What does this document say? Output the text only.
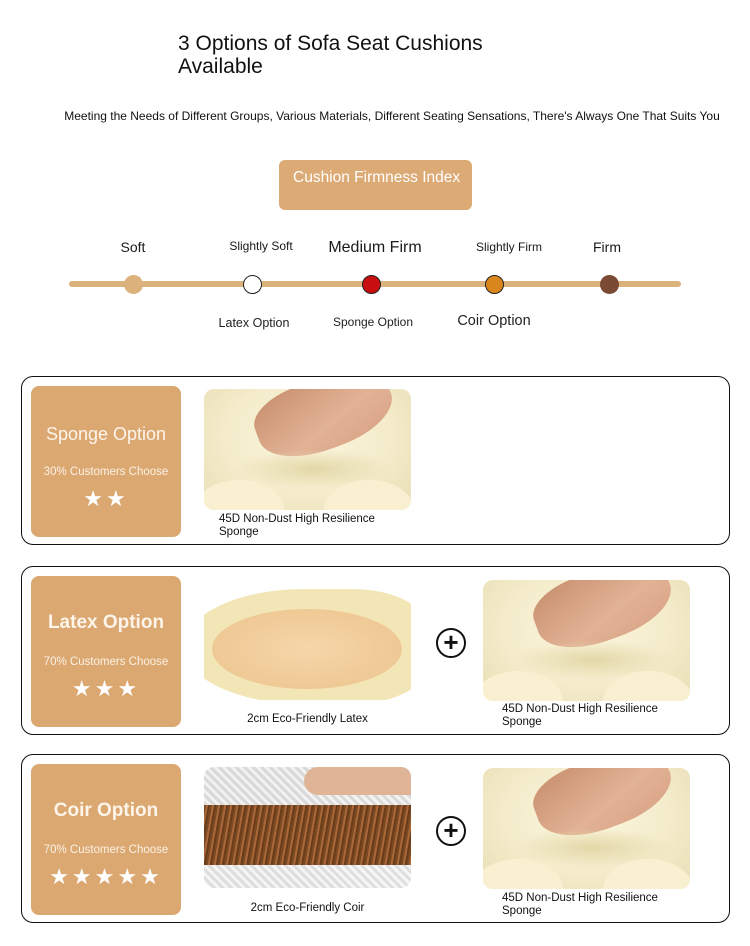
3 Options of Sofa Seat Cushions Available
Meeting the Needs of Different Groups, Various Materials, Different Seating Sensations, There's Always One That Suits You
Cushion Firmness Index
Soft	Slightly Soft	Medium Firm	Slightly Firm	Firm
Latex Option	Sponge Option	Coir Option
Sponge Option
30% Customers Choose
★★
45D Non-Dust High Resilience Sponge
Latex Option
70% Customers Choose
★★★
2cm Eco-Friendly Latex
+
45D Non-Dust High Resilience Sponge
Coir Option
70% Customers Choose
★★★★★
2cm Eco-Friendly Coir
+
45D Non-Dust High Resilience Sponge
